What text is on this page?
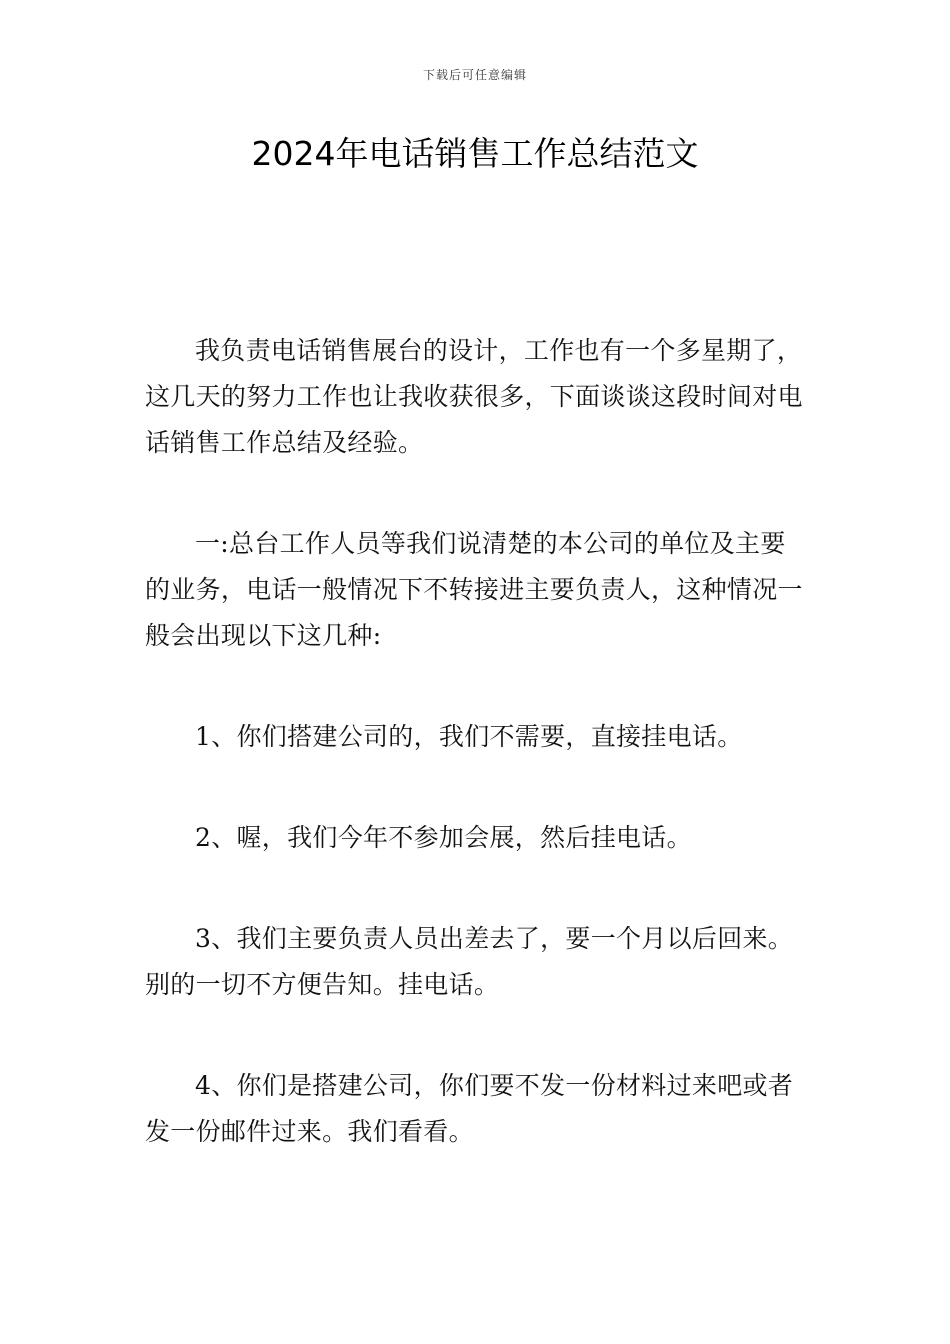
下载后可任意编辑
2024年电话销售工作总结范文

我负责电话销售展台的设计，工作也有一个多星期了，这几天的努力工作也让我收获很多，下面谈谈这段时间对电话销售工作总结及经验。

一:总台工作人员等我们说清楚的本公司的单位及主要的业务，电话一般情况下不转接进主要负责人，这种情况一般会出现以下这几种:

1、你们搭建公司的，我们不需要，直接挂电话。

2、喔，我们今年不参加会展，然后挂电话。

3、我们主要负责人员出差去了，要一个月以后回来。别的一切不方便告知。挂电话。

4、你们是搭建公司，你们要不发一份材料过来吧或者发一份邮件过来。我们看看。
